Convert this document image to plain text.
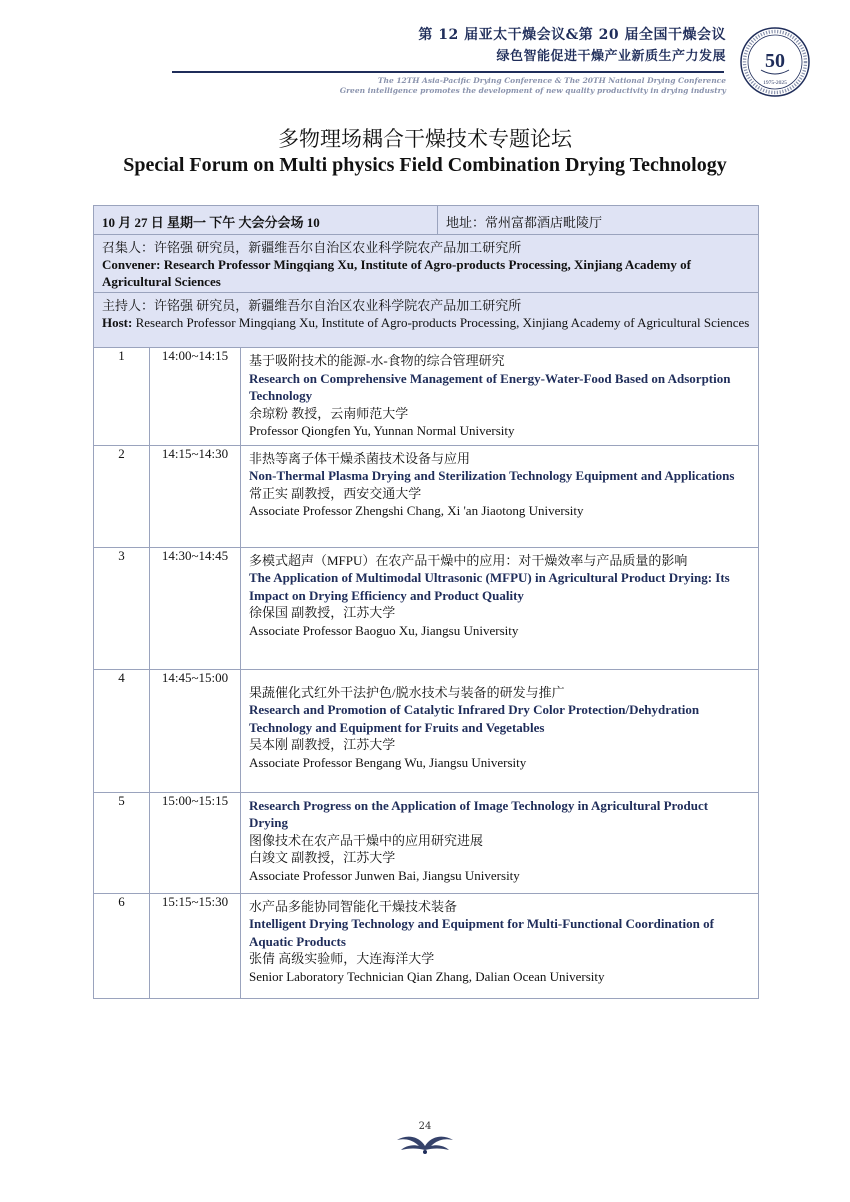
第 12 届亚太干燥会议&第 20 届全国干燥会议
绿色智能促进干燥产业新质生产力发展
The 12TH Asia-Pacific Drying Conference & The 20TH National Drying Conference
Green intelligence promotes the development of new quality productivity in drying industry
50
1975-2025
多物理场耦合干燥技术专题论坛
Special Forum on Multi physics Field Combination Drying Technology
10 月 27 日 星期一 下午 大会分会场 10			地址：常州富都酒店毗陵厅

召集人：许铭强 研究员，新疆维吾尔自治区农业科学院农产品加工研究所
Convener: Research Professor Mingqiang Xu, Institute of Agro-products Processing, Xinjiang Academy of Agricultural Sciences			

主持人：许铭强 研究员，新疆维吾尔自治区农业科学院农产品加工研究所
Host: Research Professor Mingqiang Xu, Institute of Agro-products Processing, Xinjiang Academy of Agricultural Sciences			

1	14:00~14:15	基于吸附技术的能源-水-食物的综合管理研究
Research on Comprehensive Management of Energy-Water-Food Based on Adsorption Technology
余琼粉 教授，云南师范大学
Professor Qiongfen Yu, Yunnan Normal University	

2	14:15~14:30	非热等离子体干燥杀菌技术设备与应用
Non-Thermal Plasma Drying and Sterilization Technology Equipment and Applications
常正实 副教授，西安交通大学
Associate Professor Zhengshi Chang, Xi 'an Jiaotong University	

3	14:30~14:45	多模式超声（MFPU）在农产品干燥中的应用：对干燥效率与产品质量的影响
The Application of Multimodal Ultrasonic (MFPU) in Agricultural Product Drying: Its Impact on Drying Efficiency and Product Quality
徐保国 副教授，江苏大学
Associate Professor Baoguo Xu, Jiangsu University	

4	14:45~15:00	果蔬催化式红外干法护色/脱水技术与装备的研发与推广
Research and Promotion of Catalytic Infrared Dry Color Protection/Dehydration Technology and Equipment for Fruits and Vegetables
吴本刚 副教授，江苏大学
Associate Professor Bengang Wu, Jiangsu University	

5	15:00~15:15	Research Progress on the Application of Image Technology in Agricultural Product Drying
图像技术在农产品干燥中的应用研究进展
白竣文 副教授，江苏大学
Associate Professor Junwen Bai, Jiangsu University	

6	15:15~15:30	水产品多能协同智能化干燥技术装备
Intelligent Drying Technology and Equipment for Multi-Functional Coordination of Aquatic Products
张倩 高级实验师，大连海洋大学
Senior Laboratory Technician Qian Zhang, Dalian Ocean University	
24
